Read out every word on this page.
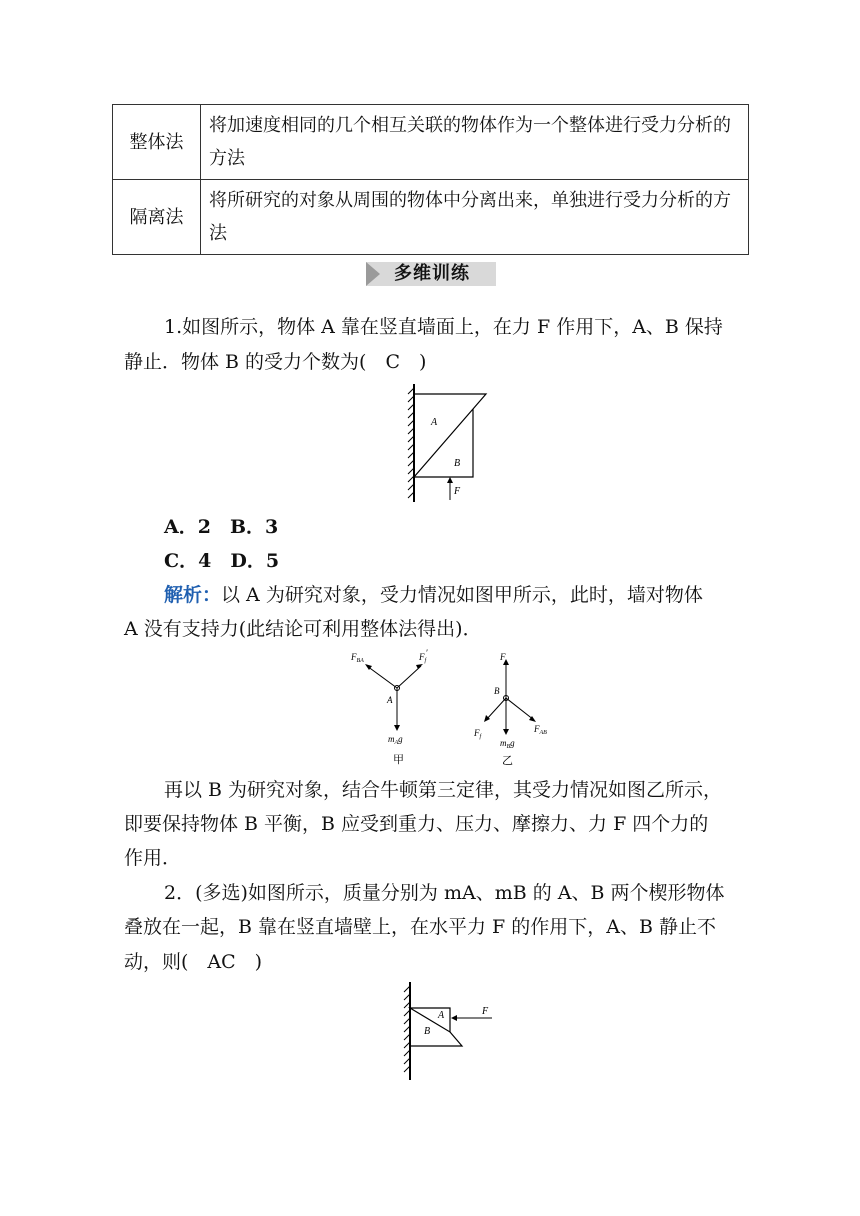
整体法	将加速度相同的几个相互关联的物体作为一个整体进行受力分析的方法
隔离法	将所研究的对象从周围的物体中分离出来，单独进行受力分析的方法
多维训练
1.如图所示，物体 A 靠在竖直墙面上，在力 F 作用下，A、B 保持
静止．物体 B 的受力个数为(　C　)
A
B
F
A．2　B．3
C．4　D．5
解析：以 A 为研究对象，受力情况如图甲所示，此时，墙对物体
A 没有支持力(此结论可利用整体法得出)．
$F_{BA}$	$F_f'$
A
$m_Ag$
甲
F
B
$F_f$
$m_Bg$
$F_{AB}$
乙
再以 B 为研究对象，结合牛顿第三定律，其受力情况如图乙所示，
即要保持物体 B 平衡，B 应受到重力、压力、摩擦力、力 F 四个力的
作用．
2．(多选)如图所示，质量分别为 mA、mB 的 A、B 两个楔形物体
叠放在一起，B 靠在竖直墙壁上，在水平力 F 的作用下，A、B 静止不
动，则(　AC　)
A
B
F
